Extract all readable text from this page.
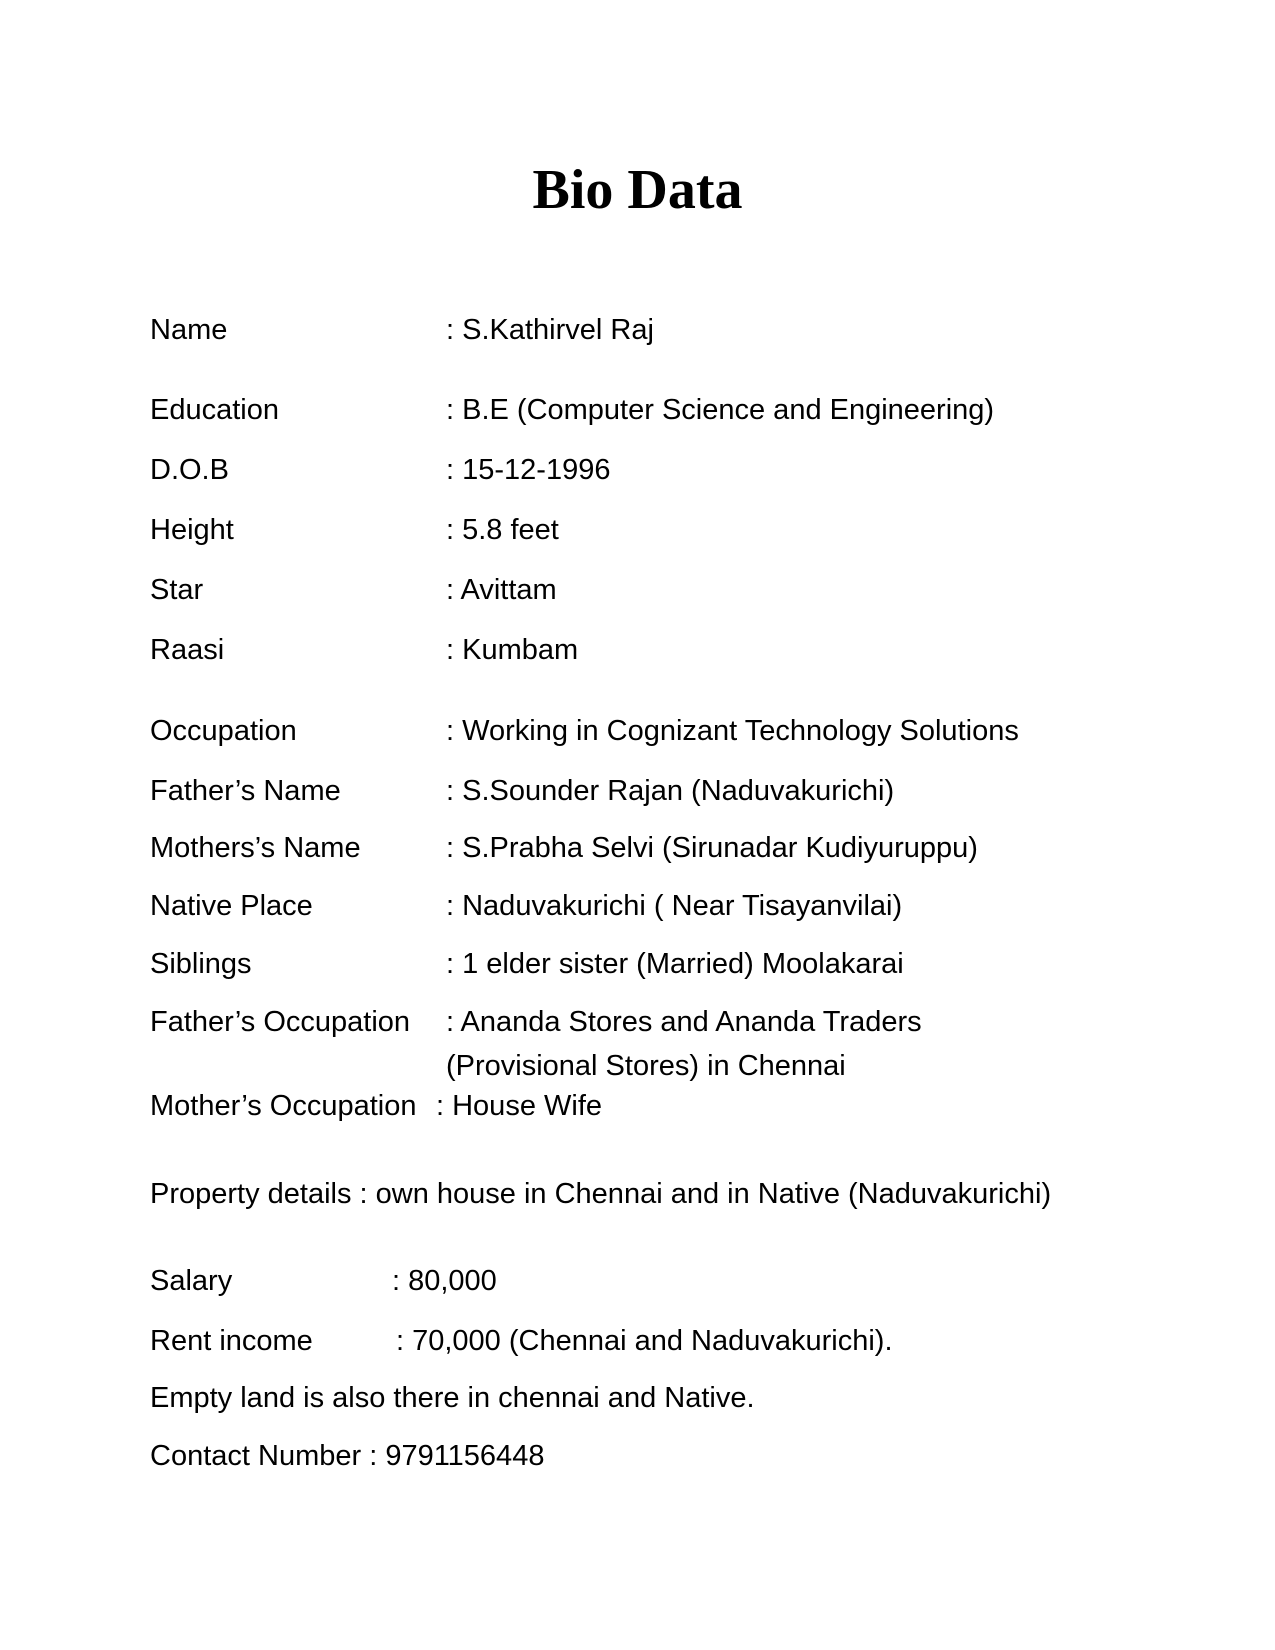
Bio Data
Name	: S.Kathirvel Raj
Education	: B.E (Computer Science and Engineering)
D.O.B	: 15-12-1996
Height	: 5.8 feet
Star	: Avittam
Raasi	: Kumbam
Occupation	: Working in Cognizant Technology Solutions
Father’s Name	: S.Sounder Rajan (Naduvakurichi)
Mothers’s Name	: S.Prabha Selvi (Sirunadar Kudiyuruppu)
Native Place	: Naduvakurichi ( Near Tisayanvilai)
Siblings	: 1 elder sister (Married) Moolakarai
Father’s Occupation : Ananda Stores and Ananda Traders
(Provisional Stores) in Chennai
Mother’s Occupation : House Wife
Property details : own house in Chennai and in Native (Naduvakurichi)
Salary	: 80,000
Rent income	: 70,000 (Chennai and Naduvakurichi).
Empty land is also there in chennai and Native.
Contact Number : 9791156448
